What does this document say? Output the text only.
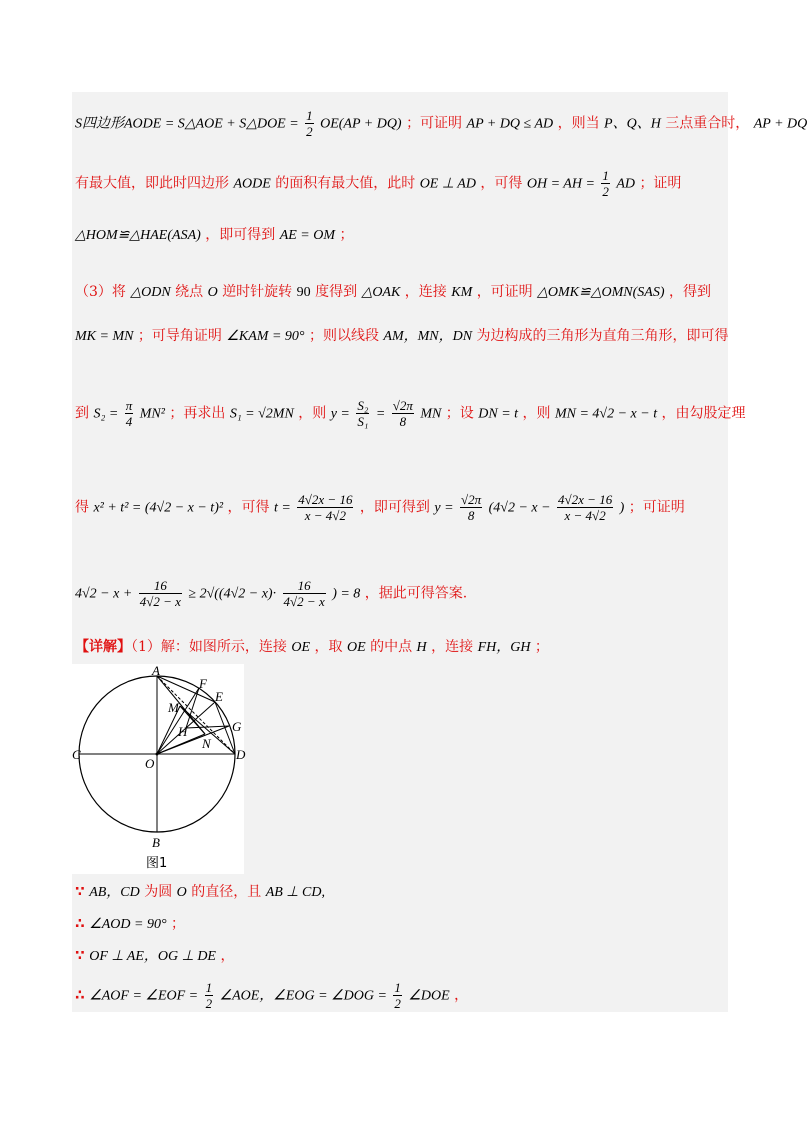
S四边形AODE = S△AOE + S△DOE = $\frac{1}{2} OE(AP + DQ)$ ；可证明 AP + DQ ≤ AD ，则当 P、Q、H 三点重合时， AP + DQ
有最大值，即此时四边形 AODE 的面积有最大值，此时 OE ⊥ AD ，可得 OH = AH = $\frac{1}{2}$ AD ；证明
△HOM≌△HAE(ASA) ，即可得到 AE = OM ；
（3）将 △ODN 绕点 O 逆时针旋转 90 度得到 △OAK ，连接 KM ，可证明 △OMK≌△OMN(SAS) ，得到
MK = MN ；可导角证明 ∠KAM = 90° ；则以线段 AM，MN，DN 为边构成的三角形为直角三角形，即可得
到 $S_2 = \frac{\pi}{4} MN^2$ ；再求出 S₁ = √2MN ，则 $y = \frac{\text{S₂}}{\text{S₁}} = \frac{√2\pi}{8}$ MN ；设 DN = t ，则 MN = 4√2 − x − t ，由勾股定理
得 x² + t² = (4√2 − x − t)² ，可得 $t = \frac{4√2x - 16}{x - 4√2}$ ，即可得到 $y = \frac{√2\pi}{8} (4√2 - x - \frac{4√2x - 16}{x - 4√2}$ ) ；可证明
$4√2 - x + \frac{16}{4√2 - x} \ge 2√((4√2 - x)\cdot \frac{16}{4√2 - x}$ ) = 8 ，据此可得答案.
【详解】（1）解：如图所示，连接 OE ，取 OE 的中点 H ，连接 FH，GH ；
A
B
C	D
O
F
E
G
M
H
N
图1
∵ AB，CD 为圆 O 的直径，且 AB ⊥ CD,
∴ ∠AOD = 90° ；
∵ OF ⊥ AE，OG ⊥ DE ，
∴ ∠AOF = ∠EOF = $\frac{1}{2}$ ∠AOE，∠EOG = ∠DOG = $\frac{1}{2}$ ∠DOE ，
